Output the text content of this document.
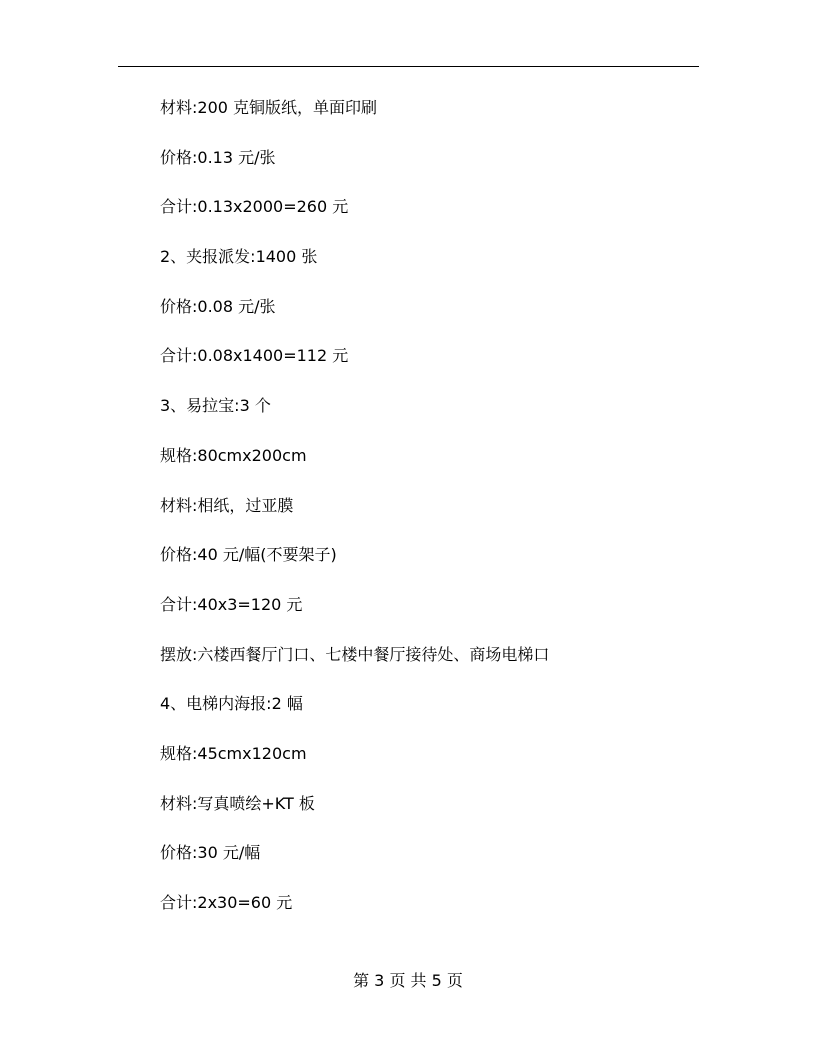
材料:200 克铜版纸，单面印刷
价格:0.13 元/张
合计:0.13x2000=260 元
2、夹报派发:1400 张
价格:0.08 元/张
合计:0.08x1400=112 元
3、易拉宝:3 个
规格:80cmx200cm
材料:相纸，过亚膜
价格:40 元/幅(不要架子)
合计:40x3=120 元
摆放:六楼西餐厅门口、七楼中餐厅接待处、商场电梯口
4、电梯内海报:2 幅
规格:45cmx120cm
材料:写真喷绘+KT 板
价格:30 元/幅
合计:2x30=60 元
第 3 页 共 5 页
